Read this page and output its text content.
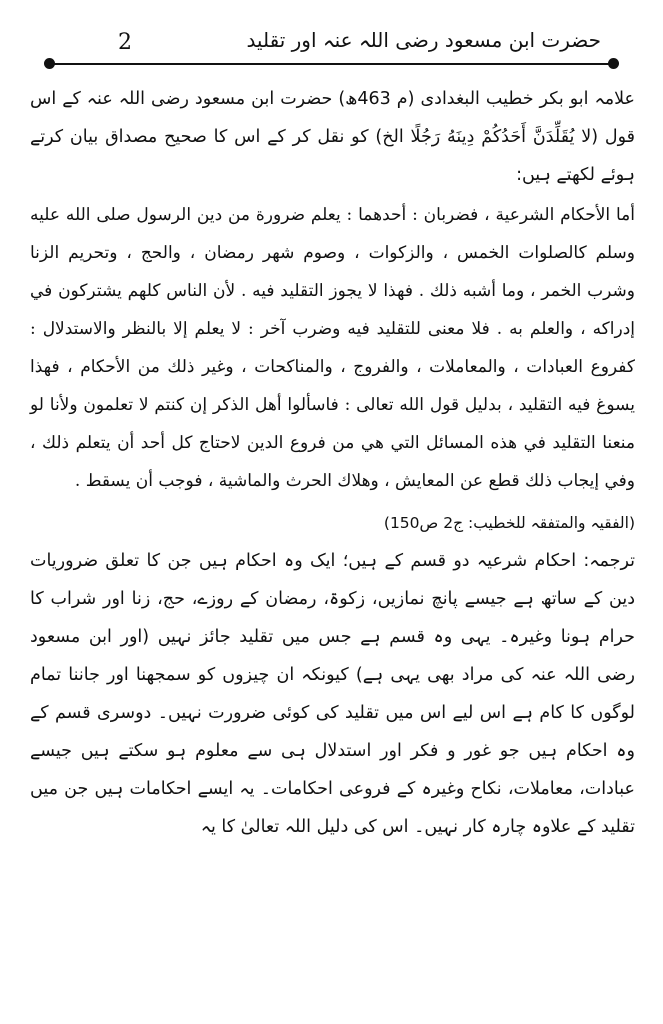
2	حضرت ابن مسعود رضی اللہ عنہ اور تقلید

علامہ ابو بکر خطیب البغدادی (م 463ھ) حضرت ابن مسعود رضی اللہ عنہ کے اس قول (لا يُقَلِّدَنَّ أَحَدُكُمْ دِينَهُ رَجُلًا الخ) کو نقل کر کے اس کا صحیح مصداق بیان کرتے ہوئے لکھتے ہیں:

أما الأحكام الشرعية ، فضربان : أحدهما : يعلم ضرورة من دين الرسول صلى الله عليه وسلم كالصلوات الخمس ، والزكوات ، وصوم شهر رمضان ، والحج ، وتحريم الزنا وشرب الخمر ، وما أشبه ذلك . فهذا لا يجوز التقليد فيه . لأن الناس كلهم يشتركون في إدراكه ، والعلم به . فلا معنى للتقليد فيه وضرب آخر : لا يعلم إلا بالنظر والاستدلال : كفروع العبادات ، والمعاملات ، والفروج ، والمناكحات ، وغير ذلك من الأحكام ، فهذا يسوغ فيه التقليد ، بدليل قول الله تعالى : فاسألوا أهل الذكر إن كنتم لا تعلمون ولأنا لو منعنا التقليد في هذه المسائل التي هي من فروع الدين لاحتاج كل أحد أن يتعلم ذلك ، وفي إيجاب ذلك قطع عن المعايش ، وهلاك الحرث والماشية ، فوجب أن يسقط .

(الفقیہ والمتفقہ للخطیب: ج2 ص150)

ترجمہ: احکام شرعیہ دو قسم کے ہیں؛ ایک وہ احکام ہیں جن کا تعلق ضروریات دین کے ساتھ ہے جیسے پانچ نمازیں، زکوۃ، رمضان کے روزے، حج، زنا اور شراب کا حرام ہونا وغیرہ۔ یہی وہ قسم ہے جس میں تقلید جائز نہیں (اور ابن مسعود رضی اللہ عنہ کی مراد بھی یہی ہے) کیونکہ ان چیزوں کو سمجھنا اور جاننا تمام لوگوں کا کام ہے اس لیے اس میں تقلید کی کوئی ضرورت نہیں۔ دوسری قسم کے وہ احکام ہیں جو غور و فکر اور استدلال ہی سے معلوم ہو سکتے ہیں جیسے عبادات، معاملات، نکاح وغیرہ کے فروعی احکامات۔ یہ ایسے احکامات ہیں جن میں تقلید کے علاوہ چارہ کار نہیں۔ اس کی دلیل اللہ تعالیٰ کا یہ
